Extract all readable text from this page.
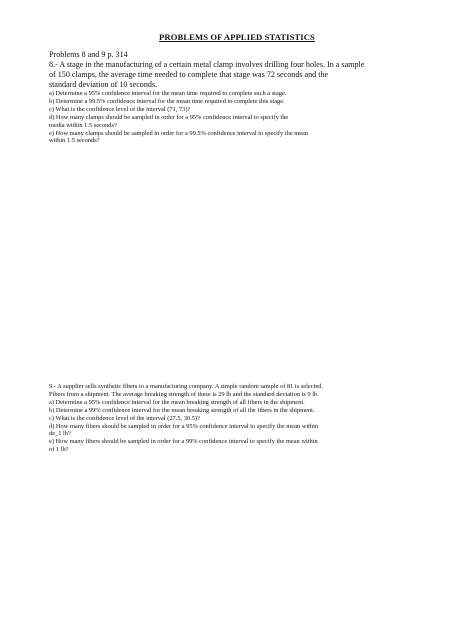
PROBLEMS OF APPLIED STATISTICS
Problems 8 and 9 p. 314
8.- A stage in the manufacturing of a certain metal clamp involves drilling four holes. In a sample
of 150 clamps, the average time needed to complete that stage was 72 seconds and the
standard deviation of 10 seconds.
a) Determine a 95% confidence interval for the mean time required to complete such a stage.
b) Determine a 99.5% confidence interval for the mean time required to complete this stage.
c) What is the confidence level of the interval (71, 73)?
d) How many clamps should be sampled in order for a 95% confidence interval to specify the
media within 1.5 seconds?
e) How many clamps should be sampled in order for a 99.5% confidence interval to specify the mean
within 1.5 seconds?
9.- A supplier sells synthetic fibers to a manufacturing company. A simple random sample of 81 is selected.
Fibers from a shipment. The average breaking strength of these is 29 lb and the standard deviation is 9 lb.
a) Determine a 95% confidence interval for the mean breaking strength of all fibers in the shipment.
b) Determine a 99% confidence interval for the mean breaking strength of all the fibers in the shipment.
c) What is the confidence level of the interval (27.5, 30.5)?
d) How many fibers should be sampled in order for a 95% confidence interval to specify the mean within
de_1 lb?
e) How many fibers should be sampled in order for a 99% confidence interval to specify the mean within
of 1 lb?
